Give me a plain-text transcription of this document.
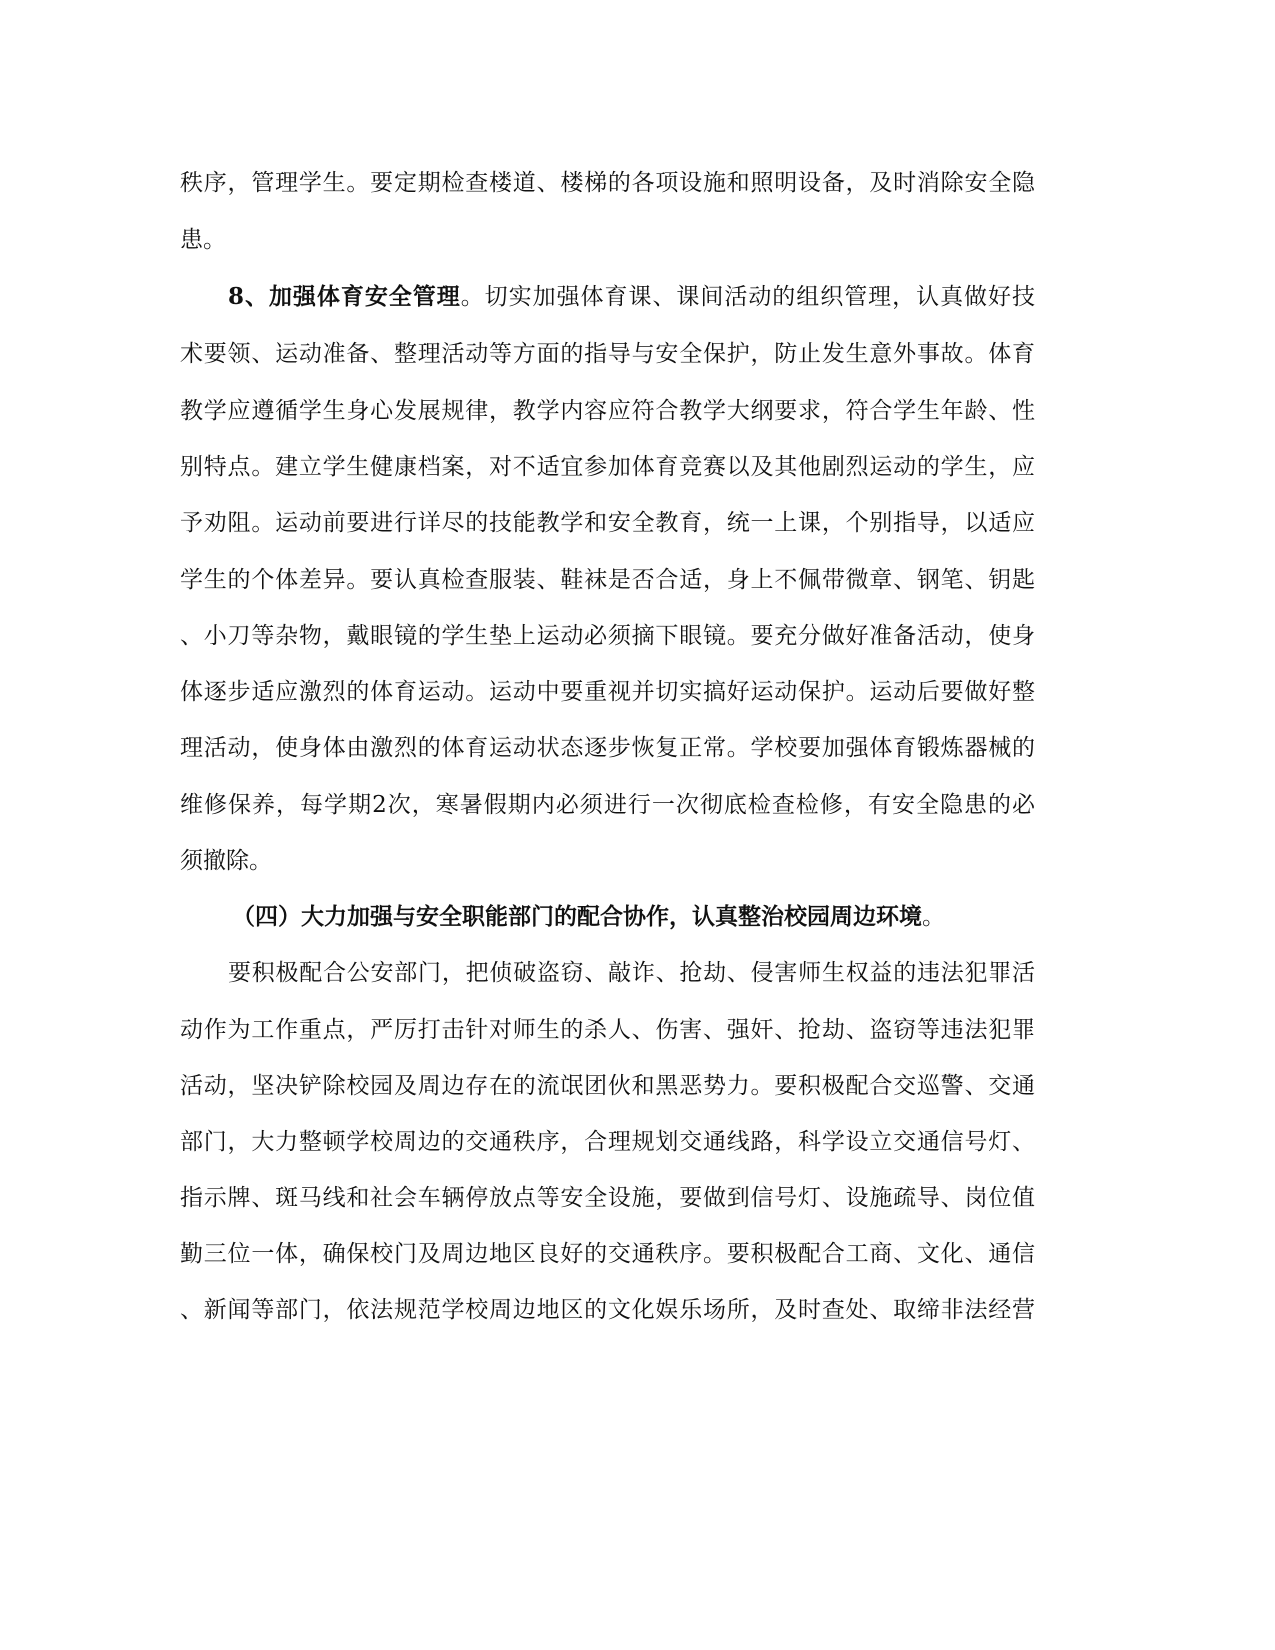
秩序，管理学生。要定期检查楼道、楼梯的各项设施和照明设备，及时消除安全隐
患。
8、加强体育安全管理。切实加强体育课、课间活动的组织管理，认真做好技
术要领、运动准备、整理活动等方面的指导与安全保护，防止发生意外事故。体育
教学应遵循学生身心发展规律，教学内容应符合教学大纲要求，符合学生年龄、性
别特点。建立学生健康档案，对不适宜参加体育竞赛以及其他剧烈运动的学生，应
予劝阻。运动前要进行详尽的技能教学和安全教育，统一上课，个别指导，以适应
学生的个体差异。要认真检查服装、鞋袜是否合适，身上不佩带微章、钢笔、钥匙
、小刀等杂物，戴眼镜的学生垫上运动必须摘下眼镜。要充分做好准备活动，使身
体逐步适应激烈的体育运动。运动中要重视并切实搞好运动保护。运动后要做好整
理活动，使身体由激烈的体育运动状态逐步恢复正常。学校要加强体育锻炼器械的
维修保养，每学期2次，寒暑假期内必须进行一次彻底检查检修，有安全隐患的必
须撤除。
（四）大力加强与安全职能部门的配合协作，认真整治校园周边环境。
要积极配合公安部门，把侦破盗窃、敲诈、抢劫、侵害师生权益的违法犯罪活
动作为工作重点，严厉打击针对师生的杀人、伤害、强奸、抢劫、盗窃等违法犯罪
活动，坚决铲除校园及周边存在的流氓团伙和黑恶势力。要积极配合交巡警、交通
部门，大力整顿学校周边的交通秩序，合理规划交通线路，科学设立交通信号灯、
指示牌、斑马线和社会车辆停放点等安全设施，要做到信号灯、设施疏导、岗位值
勤三位一体，确保校门及周边地区良好的交通秩序。要积极配合工商、文化、通信
、新闻等部门，依法规范学校周边地区的文化娱乐场所，及时查处、取缔非法经营
